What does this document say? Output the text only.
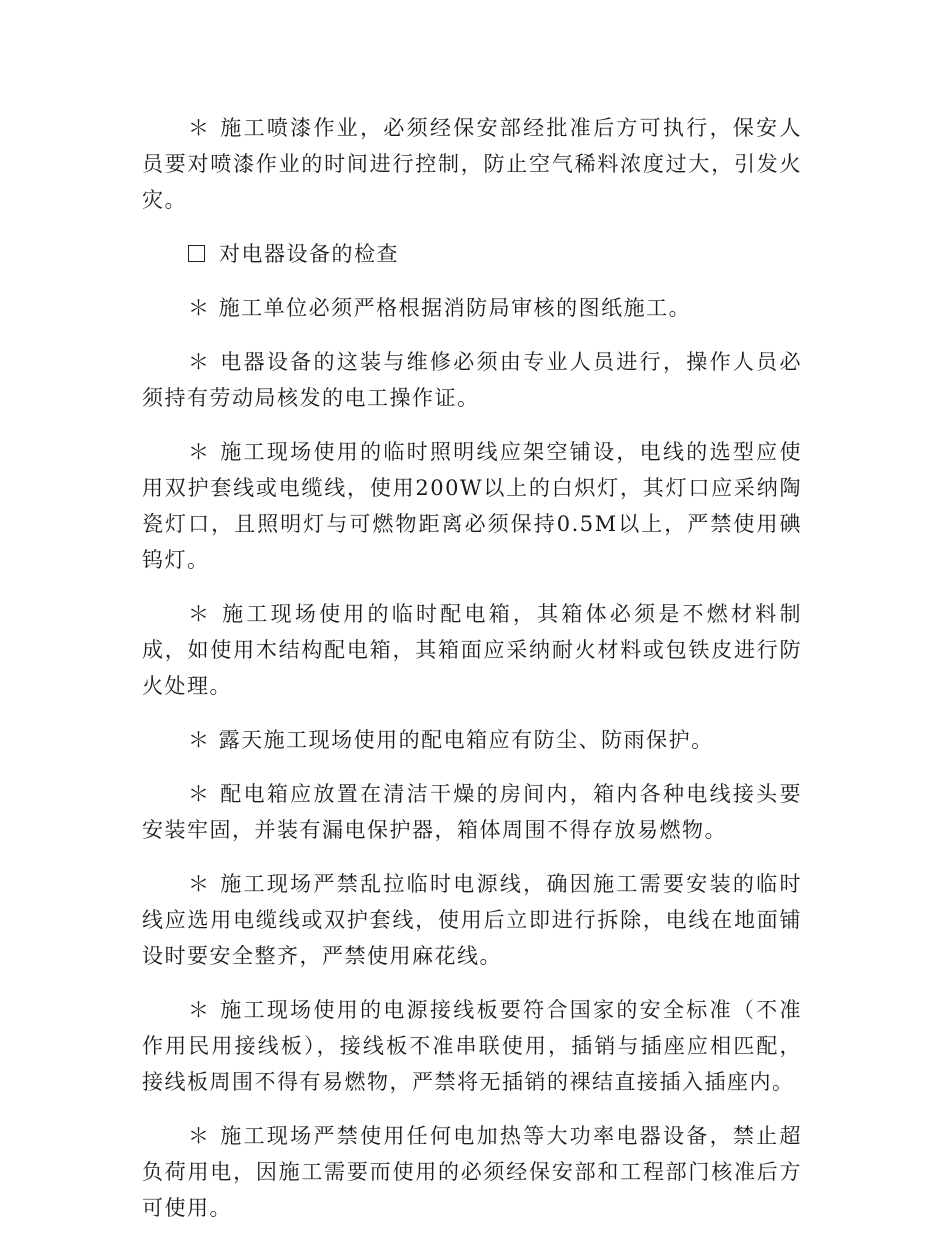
＊ 施工喷漆作业，必须经保安部经批准后方可执行，保安人员要对喷漆作业的时间进行控制，防止空气稀料浓度过大，引发火灾。

对电器设备的检查

＊ 施工单位必须严格根据消防局审核的图纸施工。

＊ 电器设备的这装与维修必须由专业人员进行，操作人员必须持有劳动局核发的电工操作证。

＊ 施工现场使用的临时照明线应架空铺设，电线的选型应使用双护套线或电缆线，使用200W以上的白炽灯，其灯口应采纳陶瓷灯口，且照明灯与可燃物距离必须保持0.5M以上，严禁使用碘钨灯。

＊ 施工现场使用的临时配电箱，其箱体必须是不燃材料制成，如使用木结构配电箱，其箱面应采纳耐火材料或包铁皮进行防火处理。

＊ 露天施工现场使用的配电箱应有防尘、防雨保护。

＊ 配电箱应放置在清洁干燥的房间内，箱内各种电线接头要安装牢固，并装有漏电保护器，箱体周围不得存放易燃物。

＊ 施工现场严禁乱拉临时电源线，确因施工需要安装的临时线应选用电缆线或双护套线，使用后立即进行拆除，电线在地面铺设时要安全整齐，严禁使用麻花线。

＊ 施工现场使用的电源接线板要符合国家的安全标准（不准作用民用接线板），接线板不准串联使用，插销与插座应相匹配，接线板周围不得有易燃物，严禁将无插销的裸结直接插入插座内。

＊ 施工现场严禁使用任何电加热等大功率电器设备，禁止超负荷用电，因施工需要而使用的必须经保安部和工程部门核准后方可使用。
